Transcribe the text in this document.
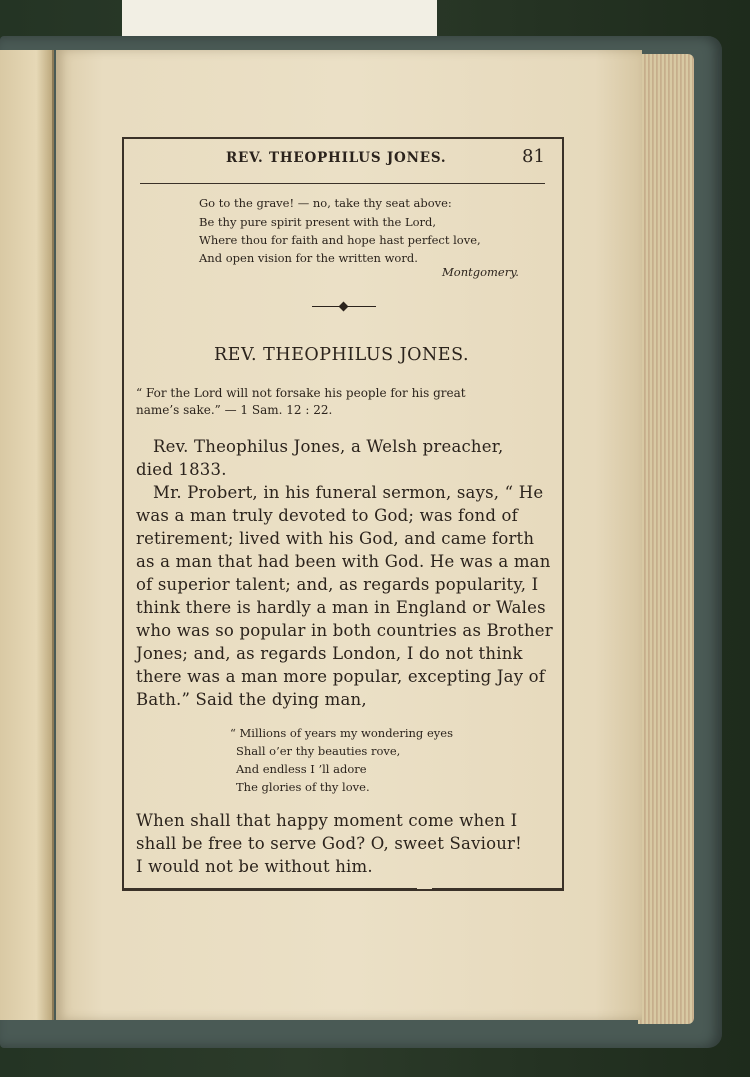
REV. THEOPHILUS JONES.	81

Go to the grave! — no, take thy seat above:

Be thy pure spirit present with the Lord,

Where thou for faith and hope hast perfect love,

And open vision for the written word.

Montgomery.

REV. THEOPHILUS JONES.

“ For the Lord will not forsake his people for his great

name’s sake.” — 1 Sam. 12 : 22.

Rev. Theophilus Jones, a Welsh preacher,

died 1833.

Mr. Probert, in his funeral sermon, says, “ He

was a man truly devoted to God; was fond of

retirement; lived with his God, and came forth

as a man that had been with God. He was a man

of superior talent; and, as regards popularity, I

think there is hardly a man in England or Wales

who was so popular in both countries as Brother

Jones; and, as regards London, I do not think

there was a man more popular, excepting Jay of

Bath.” Said the dying man,

“ Millions of years my wondering eyes

Shall o’er thy beauties rove,

And endless I ’ll adore

The glories of thy love.

When shall that happy moment come when I

shall be free to serve God? O, sweet Saviour!

I would not be without him.
